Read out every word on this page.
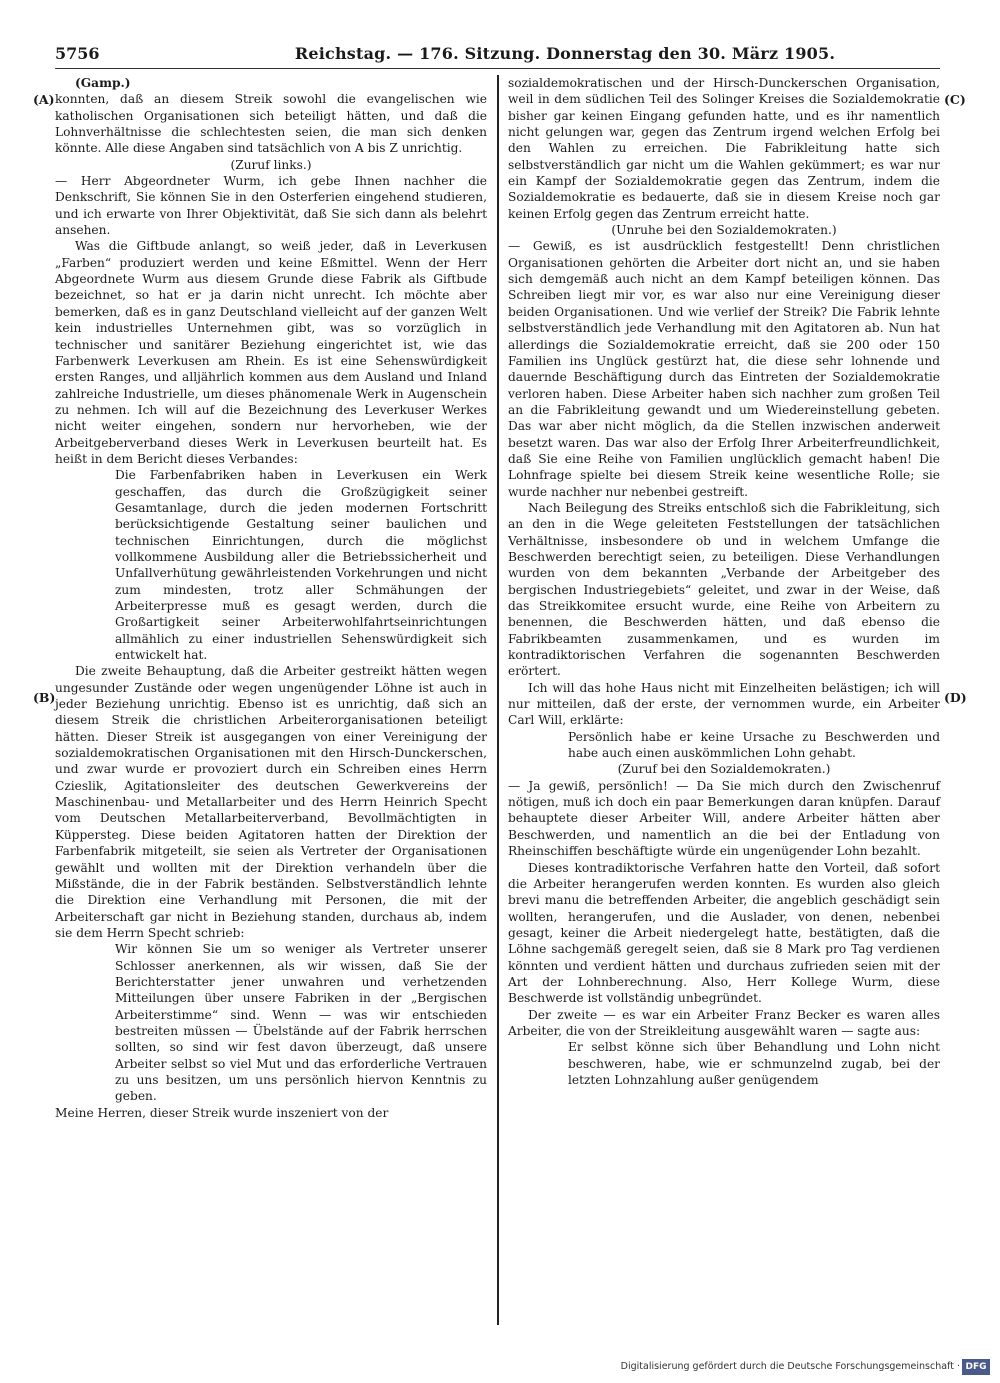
5756	Reichstag. — 176. Sitzung. Donnerstag den 30. März 1905.
(A)
(B)
(C)
(D)

(Gamp.)

konnten, daß an diesem Streik sowohl die evangelischen wie katholischen Organisationen sich beteiligt hätten, und daß die Lohnverhältnisse die schlechtesten seien, die man sich denken könnte. Alle diese Angaben sind tatsächlich von A bis Z unrichtig.

(Zuruf links.)

— Herr Abgeordneter Wurm, ich gebe Ihnen nachher die Denkschrift, Sie können Sie in den Osterferien eingehend studieren, und ich erwarte von Ihrer Objektivität, daß Sie sich dann als belehrt ansehen.

Was die Giftbude anlangt, so weiß jeder, daß in Leverkusen „Farben“ produziert werden und keine Eßmittel. Wenn der Herr Abgeordnete Wurm aus diesem Grunde diese Fabrik als Giftbude bezeichnet, so hat er ja darin nicht unrecht. Ich möchte aber bemerken, daß es in ganz Deutschland vielleicht auf der ganzen Welt kein industrielles Unternehmen gibt, was so vorzüglich in technischer und sanitärer Beziehung eingerichtet ist, wie das Farbenwerk Leverkusen am Rhein. Es ist eine Sehenswürdigkeit ersten Ranges, und alljährlich kommen aus dem Ausland und Inland zahlreiche Industrielle, um dieses phänomenale Werk in Augenschein zu nehmen. Ich will auf die Bezeichnung des Leverkuser Werkes nicht weiter eingehen, sondern nur hervorheben, wie der Arbeitgeberverband dieses Werk in Leverkusen beurteilt hat. Es heißt in dem Bericht dieses Verbandes:

Die Farbenfabriken haben in Leverkusen ein Werk geschaffen, das durch die Großzügigkeit seiner Gesamtanlage, durch die jeden modernen Fortschritt berücksichtigende Gestaltung seiner baulichen und technischen Einrichtungen, durch die möglichst vollkommene Ausbildung aller die Betriebssicherheit und Unfallverhütung gewährleistenden Vorkehrungen und nicht zum mindesten, trotz aller Schmähungen der Arbeiterpresse muß es gesagt werden, durch die Großartigkeit seiner Arbeiterwohlfahrtseinrichtungen allmählich zu einer industriellen Sehenswürdigkeit sich entwickelt hat.

Die zweite Behauptung, daß die Arbeiter gestreikt hätten wegen ungesunder Zustände oder wegen ungenügender Löhne ist auch in jeder Beziehung unrichtig. Ebenso ist es unrichtig, daß sich an diesem Streik die christlichen Arbeiterorganisationen beteiligt hätten. Dieser Streik ist ausgegangen von einer Vereinigung der sozialdemokratischen Organisationen mit den Hirsch-Dunckerschen, und zwar wurde er provoziert durch ein Schreiben eines Herrn Czieslik, Agitationsleiter des deutschen Gewerkvereins der Maschinenbau- und Metallarbeiter und des Herrn Heinrich Specht vom Deutschen Metallarbeiterverband, Bevollmächtigten in Küppersteg. Diese beiden Agitatoren hatten der Direktion der Farbenfabrik mitgeteilt, sie seien als Vertreter der Organisationen gewählt und wollten mit der Direktion verhandeln über die Mißstände, die in der Fabrik beständen. Selbstverständlich lehnte die Direktion eine Verhandlung mit Personen, die mit der Arbeiterschaft gar nicht in Beziehung standen, durchaus ab, indem sie dem Herrn Specht schrieb:

Wir können Sie um so weniger als Vertreter unserer Schlosser anerkennen, als wir wissen, daß Sie der Berichterstatter jener unwahren und verhetzenden Mitteilungen über unsere Fabriken in der „Bergischen Arbeiterstimme“ sind. Wenn — was wir entschieden bestreiten müssen — Übelstände auf der Fabrik herrschen sollten, so sind wir fest davon überzeugt, daß unsere Arbeiter selbst so viel Mut und das erforderliche Vertrauen zu uns besitzen, um uns persönlich hiervon Kenntnis zu geben.

Meine Herren, dieser Streik wurde inszeniert von der

sozialdemokratischen und der Hirsch-Dunckerschen Organisation, weil in dem südlichen Teil des Solinger Kreises die Sozialdemokratie bisher gar keinen Eingang gefunden hatte, und es ihr namentlich nicht gelungen war, gegen das Zentrum irgend welchen Erfolg bei den Wahlen zu erreichen. Die Fabrikleitung hatte sich selbstverständlich gar nicht um die Wahlen gekümmert; es war nur ein Kampf der Sozialdemokratie gegen das Zentrum, indem die Sozialdemokratie es bedauerte, daß sie in diesem Kreise noch gar keinen Erfolg gegen das Zentrum erreicht hatte.

(Unruhe bei den Sozialdemokraten.)

— Gewiß, es ist ausdrücklich festgestellt! Denn christlichen Organisationen gehörten die Arbeiter dort nicht an, und sie haben sich demgemäß auch nicht an dem Kampf beteiligen können. Das Schreiben liegt mir vor, es war also nur eine Vereinigung dieser beiden Organisationen. Und wie verlief der Streik? Die Fabrik lehnte selbstverständlich jede Verhandlung mit den Agitatoren ab. Nun hat allerdings die Sozialdemokratie erreicht, daß sie 200 oder 150 Familien ins Unglück gestürzt hat, die diese sehr lohnende und dauernde Beschäftigung durch das Eintreten der Sozialdemokratie verloren haben. Diese Arbeiter haben sich nachher zum großen Teil an die Fabrikleitung gewandt und um Wiedereinstellung gebeten. Das war aber nicht möglich, da die Stellen inzwischen anderweit besetzt waren. Das war also der Erfolg Ihrer Arbeiterfreundlichkeit, daß Sie eine Reihe von Familien unglücklich gemacht haben! Die Lohnfrage spielte bei diesem Streik keine wesentliche Rolle; sie wurde nachher nur nebenbei gestreift.

Nach Beilegung des Streiks entschloß sich die Fabrikleitung, sich an den in die Wege geleiteten Feststellungen der tatsächlichen Verhältnisse, insbesondere ob und in welchem Umfange die Beschwerden berechtigt seien, zu beteiligen. Diese Verhandlungen wurden von dem bekannten „Verbande der Arbeitgeber des bergischen Industriegebiets“ geleitet, und zwar in der Weise, daß das Streikkomitee ersucht wurde, eine Reihe von Arbeitern zu benennen, die Beschwerden hätten, und daß ebenso die Fabrikbeamten zusammenkamen, und es wurden im kontradiktorischen Verfahren die sogenannten Beschwerden erörtert.

Ich will das hohe Haus nicht mit Einzelheiten belästigen; ich will nur mitteilen, daß der erste, der vernommen wurde, ein Arbeiter Carl Will, erklärte:

Persönlich habe er keine Ursache zu Beschwerden und habe auch einen auskömmlichen Lohn gehabt.

(Zuruf bei den Sozialdemokraten.)

— Ja gewiß, persönlich! — Da Sie mich durch den Zwischenruf nötigen, muß ich doch ein paar Bemerkungen daran knüpfen. Darauf behauptete dieser Arbeiter Will, andere Arbeiter hätten aber Beschwerden, und namentlich an die bei der Entladung von Rheinschiffen beschäftigte würde ein ungenügender Lohn bezahlt.

Dieses kontradiktorische Verfahren hatte den Vorteil, daß sofort die Arbeiter herangerufen werden konnten. Es wurden also gleich brevi manu die betreffenden Arbeiter, die angeblich geschädigt sein wollten, herangerufen, und die Auslader, von denen, nebenbei gesagt, keiner die Arbeit niedergelegt hatte, bestätigten, daß die Löhne sachgemäß geregelt seien, daß sie 8 Mark pro Tag verdienen könnten und verdient hätten und durchaus zufrieden seien mit der Art der Lohnberechnung. Also, Herr Kollege Wurm, diese Beschwerde ist vollständig unbegründet.

Der zweite — es war ein Arbeiter Franz Becker es waren alles Arbeiter, die von der Streikleitung ausgewählt waren — sagte aus:

Er selbst könne sich über Behandlung und Lohn nicht beschweren, habe, wie er schmunzelnd zugab, bei der letzten Lohnzahlung außer genügendem

Digitalisierung gefördert durch die Deutsche Forschungsgemeinschaft · DFG
